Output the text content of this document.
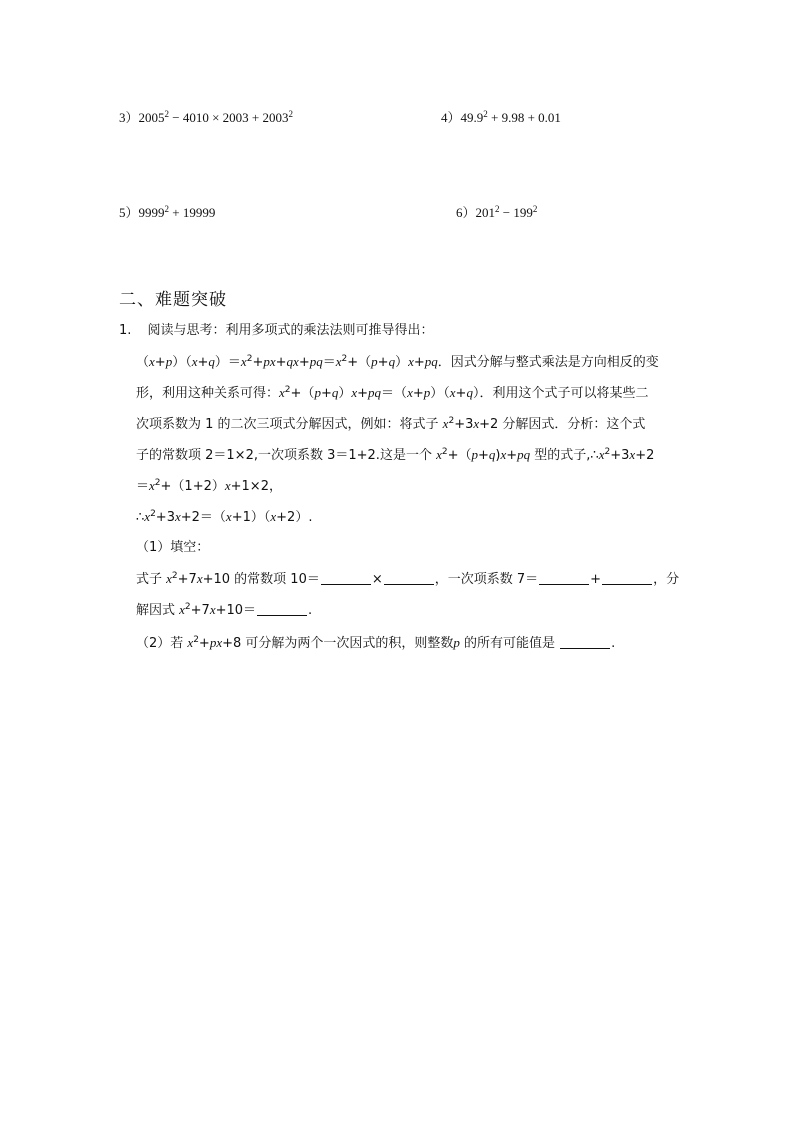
$3)2005^2 - 4010 \times 2003 + 2003^2$	$4)49.9^2 + 9.98 + 0.01$
$5)9999^2 + 19999$	$6)201^2 - 199^2$
二、难题突破
1. 阅读与思考：利用多项式的乘法法则可推导得出：
$(x+p)(x+q)=x^2+px+qx+pq=x^2+(p+q)x+pq$．因式分解与整式乘法是方向相反的变
形，利用这种关系可得：$x^2+(p+q)x+pq=(x+p)(x+q)$．利用这个式子可以将某些二
次项系数为 1 的二次三项式分解因式，例如：将式子 $x^2+3x+2$ 分解因式．分析：这个式
子的常数项 2＝1×2,一次项系数 3＝1+2.这是一个 $x^2+(p+q)x+pq$ 型的式子$,\therefore x^2+3x+2$
$=x^2+(1+2)x+1\times 2$，
$\therefore x^2+3x+2=(x+1)(x+2)$.
（1）填空：
式子 $x^2+7x+10$ 的常数项 10＝	×	，一次项系数 7＝	+	，分
解因式 $x^2+7x+10=$	.
（2）若 $x^2+px+8$ 可分解为两个一次因式的积，则整数p 的所有可能值是	.
